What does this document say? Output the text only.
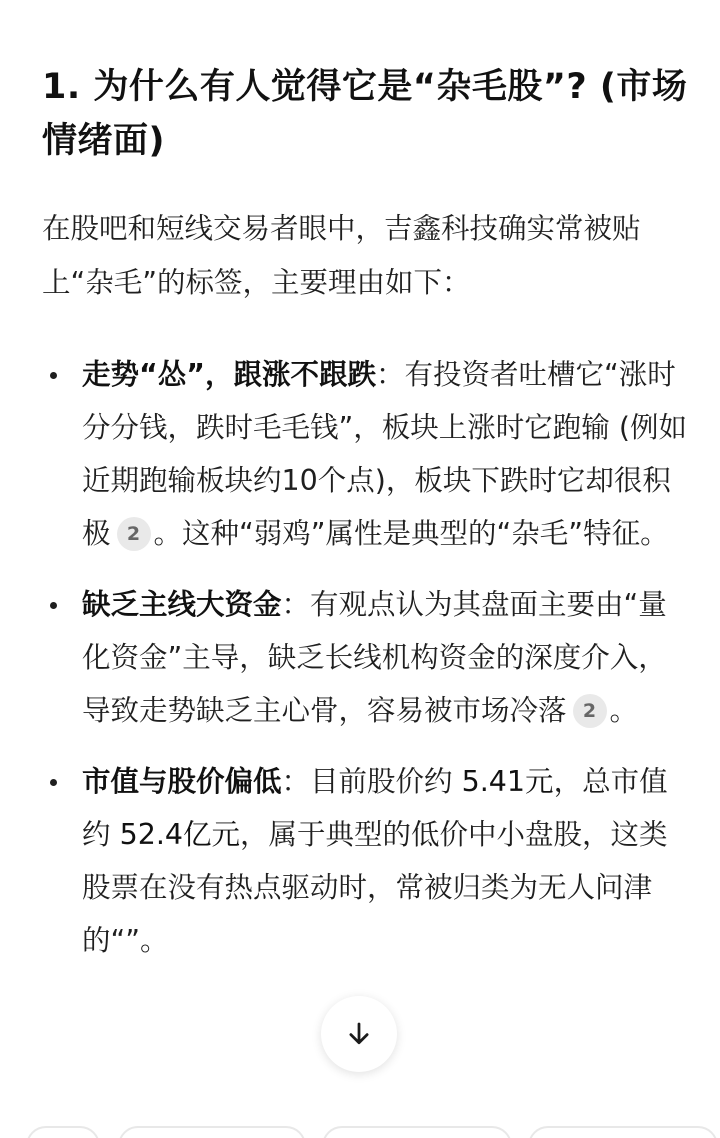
1. 为什么有人觉得它是“杂毛股”? (市场情绪面)

在股吧和短线交易者眼中，吉鑫科技确实常被贴上“杂毛”的标签，主要理由如下：

走势“怂”，跟涨不跟跌：有投资者吐槽它“涨时分分钱，跌时毛毛钱”，板块上涨时它跑输 (例如近期跑输板块约10个点)，板块下跌时它却很积极 2 。这种“弱鸡”属性是典型的“杂毛”特征。
缺乏主线大资金：有观点认为其盘面主要由“量化资金”主导，缺乏长线机构资金的深度介入，导致走势缺乏主心骨，容易被市场冷落 2 。
市值与股价偏低：目前股价约 5.41元，总市值约 52.4亿元，属于典型的低价中小盘股，这类股票在没有热点驱动时，常被归类为无人问津的“”。
